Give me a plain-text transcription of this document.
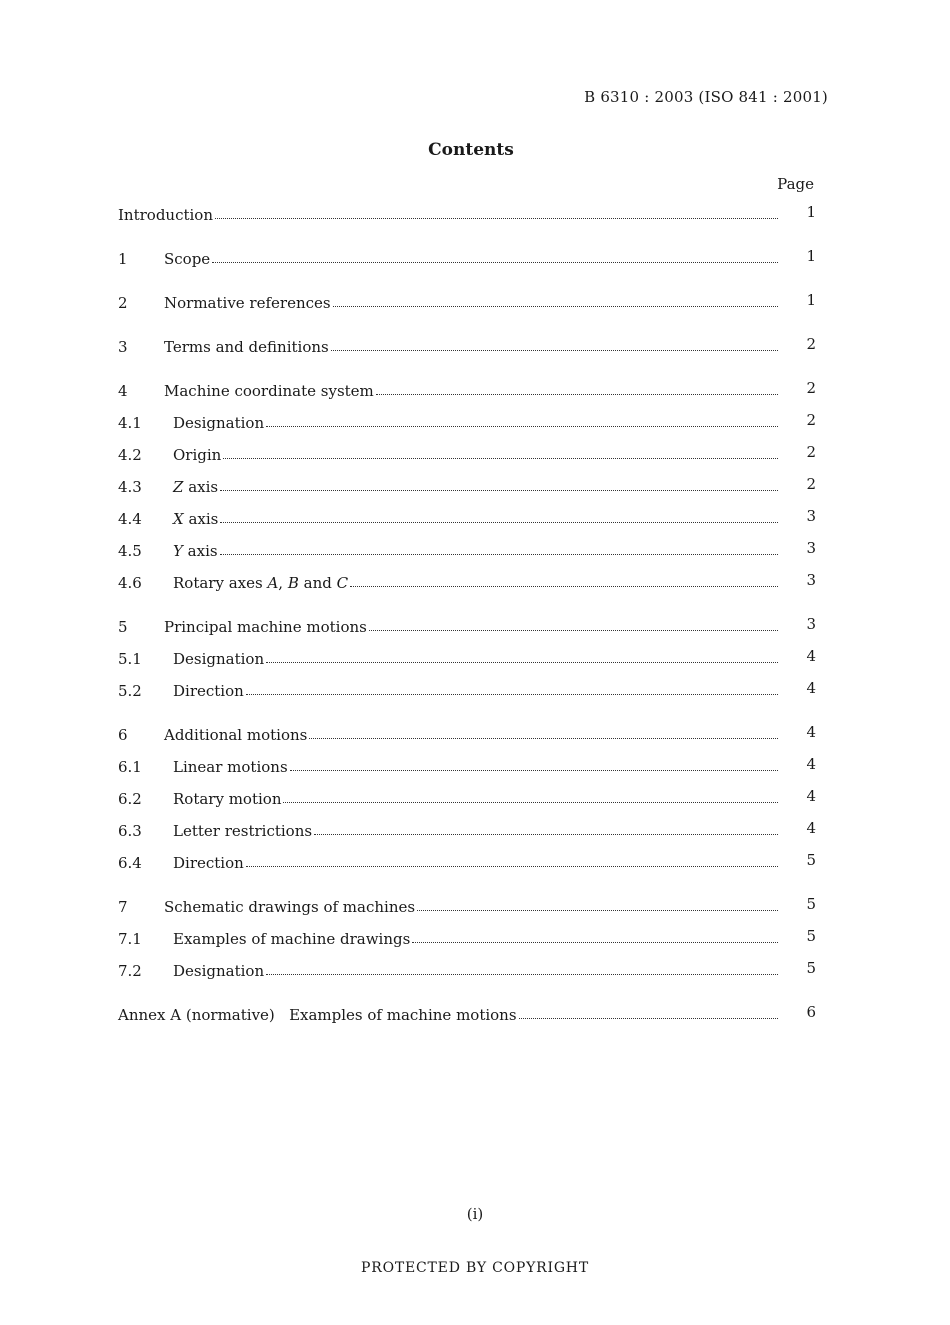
B 6310 : 2003 (ISO 841 : 2001)
Contents
Page
Introduction	1
1	Scope	1
2	Normative references	1
3	Terms and definitions	2
4	Machine coordinate system	2
4.1	Designation	2
4.2	Origin	2
4.3	Z axis	2
4.4	X axis	3
4.5	Y axis	3
4.6	Rotary axes A, B and C	3
5	Principal machine motions	3
5.1	Designation	4
5.2	Direction	4
6	Additional motions	4
6.1	Linear motions	4
6.2	Rotary motion	4
6.3	Letter restrictions	4
6.4	Direction	5
7	Schematic drawings of machines	5
7.1	Examples of machine drawings	5
7.2	Designation	5
Annex A (normative)   Examples of machine motions	6
(i)
PROTECTED BY COPYRIGHT
